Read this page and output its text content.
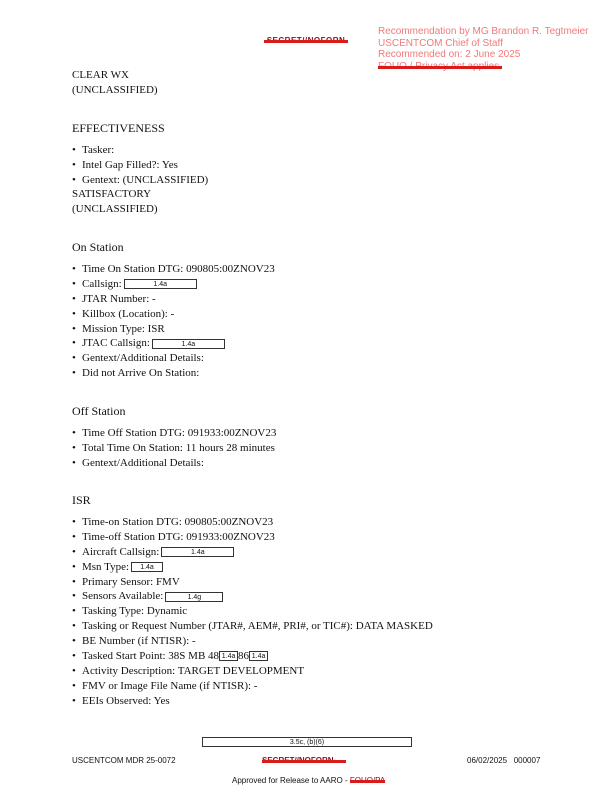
Recommendation by MG Brandon R. Tegtmeier
USCENTCOM Chief of Staff
Recommended on: 2 June 2025
CLEAR WX
(UNCLASSIFIED)
EFFECTIVENESS
• Tasker:
• Intel Gap Filled?: Yes
• Gentext: (UNCLASSIFIED)
SATISFACTORY
(UNCLASSIFIED)
On Station
• Time On Station DTG: 090805:00ZNOV23
• Callsign:	1.4a
• JTAR Number: -
• Killbox (Location): -
• Mission Type: ISR
• JTAC Callsign:	1.4a
• Gentext/Additional Details:
• Did not Arrive On Station:
Off Station
• Time Off Station DTG: 091933:00ZNOV23
• Total Time On Station: 11 hours 28 minutes
• Gentext/Additional Details:
ISR
• Time-on Station DTG: 090805:00ZNOV23
• Time-off Station DTG: 091933:00ZNOV23
• Aircraft Callsign:	1.4a
• Msn Type: 1.4a
• Primary Sensor: FMV
• Sensors Available:	1.4g
• Tasking Type: Dynamic
• Tasking or Request Number (JTAR#, AEM#, PRI#, or TIC#): DATA MASKED
• BE Number (if NTISR): -
• Tasked Start Point: 38S MB 48 1.4a 86 1.4a
• Activity Description: TARGET DEVELOPMENT
• FMV or Image File Name (if NTISR): -
• EEIs Observed: Yes
3.5c, (b)(6)
USCENTCOM MDR 25-0072	06/02/2025   000007
Approved for Release to AARO -
